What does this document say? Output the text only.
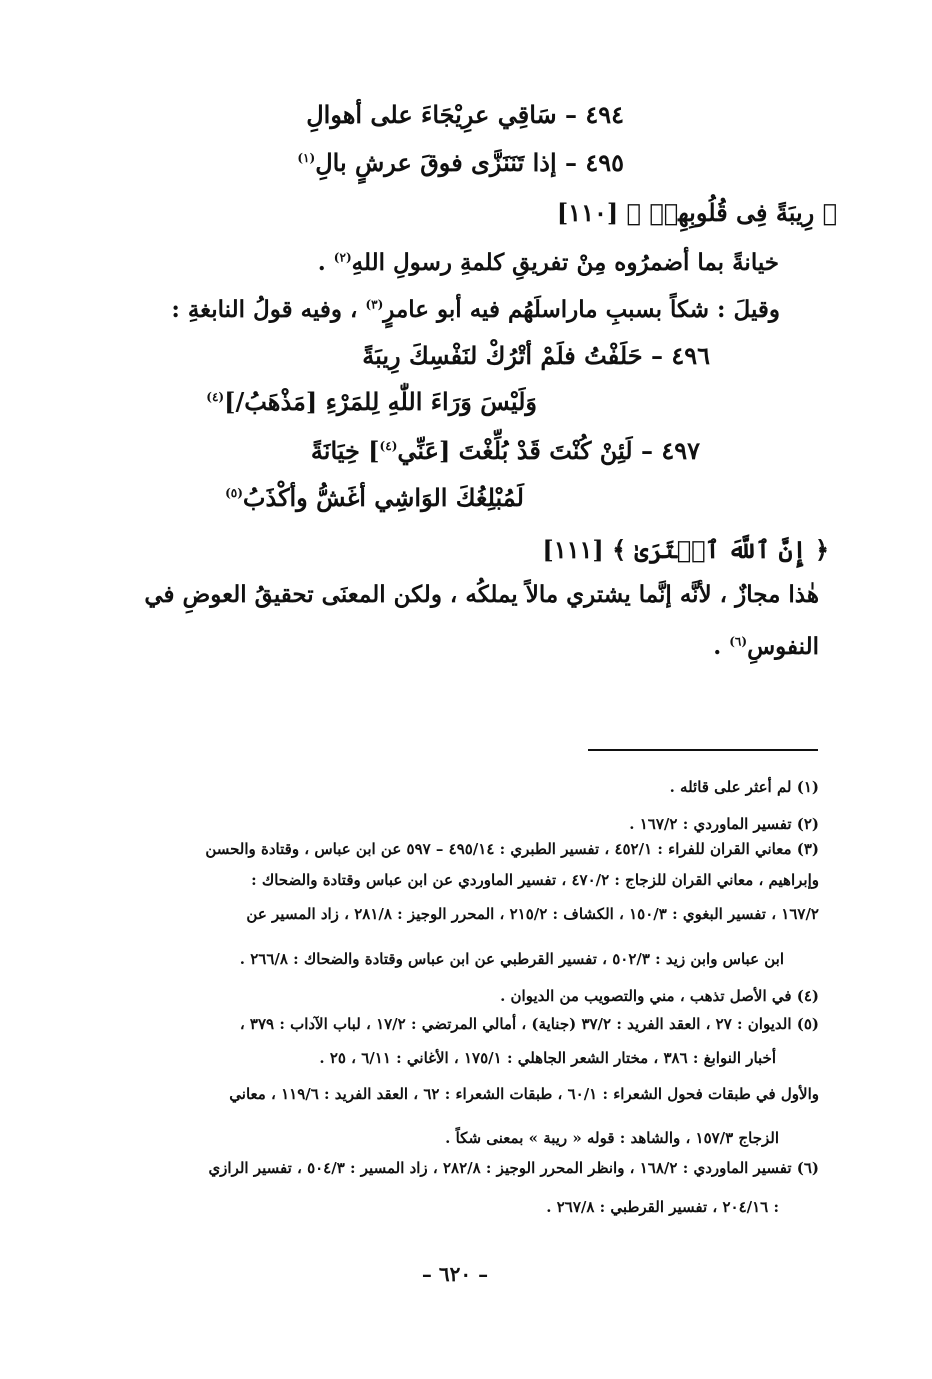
٤٩٤ – سَاقِي عرِيْجَاءَ على أهوالِ
٤٩٥ – إذا تَنَنَزَّى فوقَ عرشٍ بالِ$^{(١)}$
﴿ رِيبَةً فِى قُلُوبِهِمۡ ﴾ [١١٠]
خيانةً بما أضمرُوه مِنْ تفريقِ كلمةِ رسولِ اللهِ$^{(٢)}$ .
وقيلَ : شكاً بسببِ ماراسلَهُم فيه أبو عامرٍ$^{(٣)}$ ، وفيه قولُ النابغةِ :
٤٩٦ – حَلَفْتُ فلَمْ أتْرُكْ لنَفْسِكَ رِيبَةً
وَلَيْسَ وَرَاءَ اللّٰهِ لِلمَرْءِ [مَذْهَبُ/]$^{(٤)}$
٤٩٧ – لَئِنْ كُنْتَ قَدْ بُلِّغْتَ [عَنِّي$^{(٤)}$] خِيَانَةً
لَمُبْلِغُكَ الوَاشِي أغَشُّ وأكْذَبُ$^{(٥)}$
﴿ إِنَّ ٱللَّهَ ٱشۡتَرَىٰ ﴾ [١١١]
هٰذا مجازٌ ، لأنَّه إنَّما يشتري مالاً يملكُه ، ولكن المعنَى تحقيقُ العوضِ في
النفوسِ$^{(٦)}$ .
(١) لم أعثر على قائله .
(٢) تفسير الماوردي : ١٦٧/٢ .
(٣) معاني القران للفراء : ٤٥٢/١ ، تفسير الطبري : ٤٩٥/١٤ – ٥٩٧ عن ابن عباس ، وقتادة والحسن
وإبراهيم ، معاني القران للزجاج : ٤٧٠/٢ ، تفسير الماوردي عن ابن عباس وقتادة والضحاك :
١٦٧/٢ ، تفسير البغوي : ١٥٠/٣ ، الكشاف : ٢١٥/٢ ، المحرر الوجيز : ٢٨١/٨ ، زاد المسير عن
ابن عباس وابن زيد : ٥٠٢/٣ ، تفسير القرطبي عن ابن عباس وقتادة والضحاك : ٢٦٦/٨ .
(٤) في الأصل تذهب ، مني والتصويب من الديوان .
(٥) الديوان : ٢٧ ، العقد الفريد : ٣٧/٢ (جناية) ، أمالي المرتضي : ١٧/٢ ، لباب الآداب : ٣٧٩ ،
أخبار النوابغ : ٣٨٦ ، مختار الشعر الجاهلي : ١٧٥/١ ، الأغاني : ٦/١١ ، ٢٥ .
والأول في طبقات فحول الشعراء : ٦٠/١ ، طبقات الشعراء : ٦٢ ، العقد الفريد : ١١٩/٦ ، معاني
الزجاج ١٥٧/٣ ، والشاهد : قوله « ريبة » بمعنى شكاً .
(٦) تفسير الماوردي : ١٦٨/٢ ، وانظر المحرر الوجيز : ٢٨٢/٨ ، زاد المسير : ٥٠٤/٣ ، تفسير الرازي
: ٢٠٤/١٦ ، تفسير القرطبي : ٢٦٧/٨ .
– ٦٢٠ –
